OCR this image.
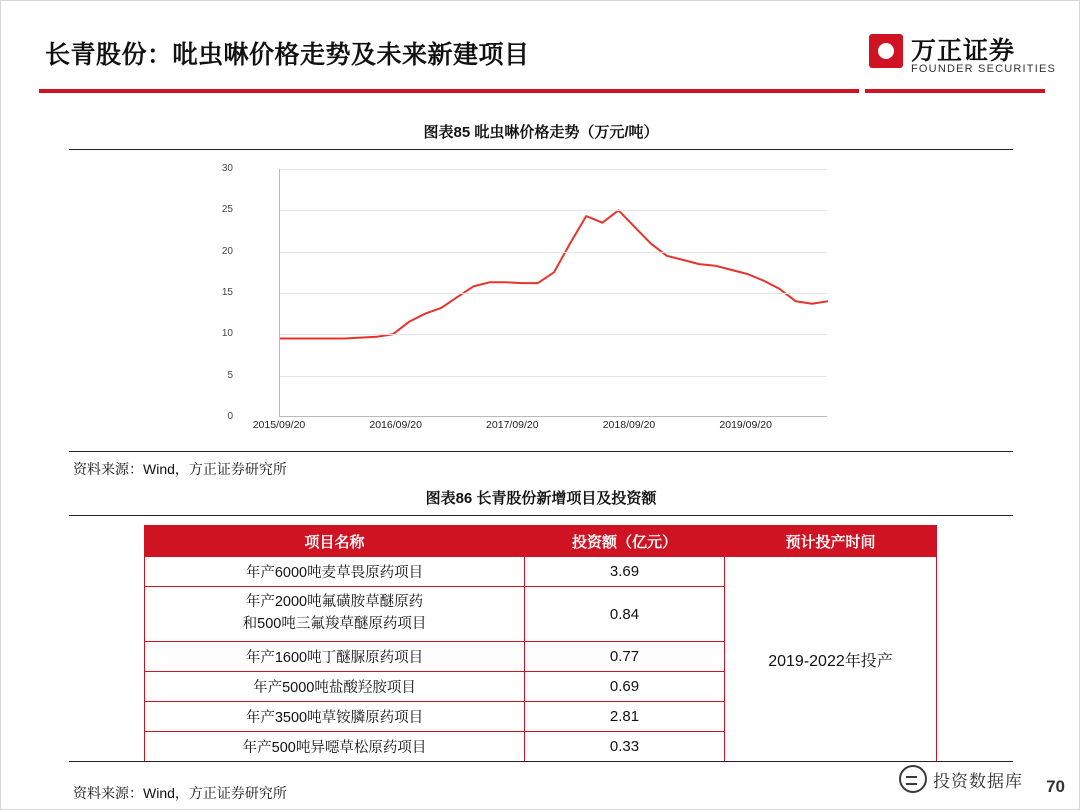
长青股份：吡虫啉价格走势及未来新建项目	万正证券
FOUNDER SECURITIES
图表85 吡虫啉价格走势（万元/吨）
0
5
10
15
20
25
30
2015/09/20	2016/09/20	2017/09/20	2018/09/20	2019/09/20
资料来源：Wind，方正证券研究所
图表86 长青股份新增项目及投资额
项目名称	投资额（亿元）	预计投产时间
年产6000吨麦草畏原药项目	3.69	2019-2022年投产

年产2000吨氟磺胺草醚原药
和500吨三氟羧草醚原药项目	0.84	
年产1600吨丁醚脲原药项目	0.77	
年产5000吨盐酸羟胺项目	0.69	
年产3500吨草铵膦原药项目	2.81	
年产500吨异噁草松原药项目	0.33	
资料来源：Wind，方正证券研究所
投资数据库 70
